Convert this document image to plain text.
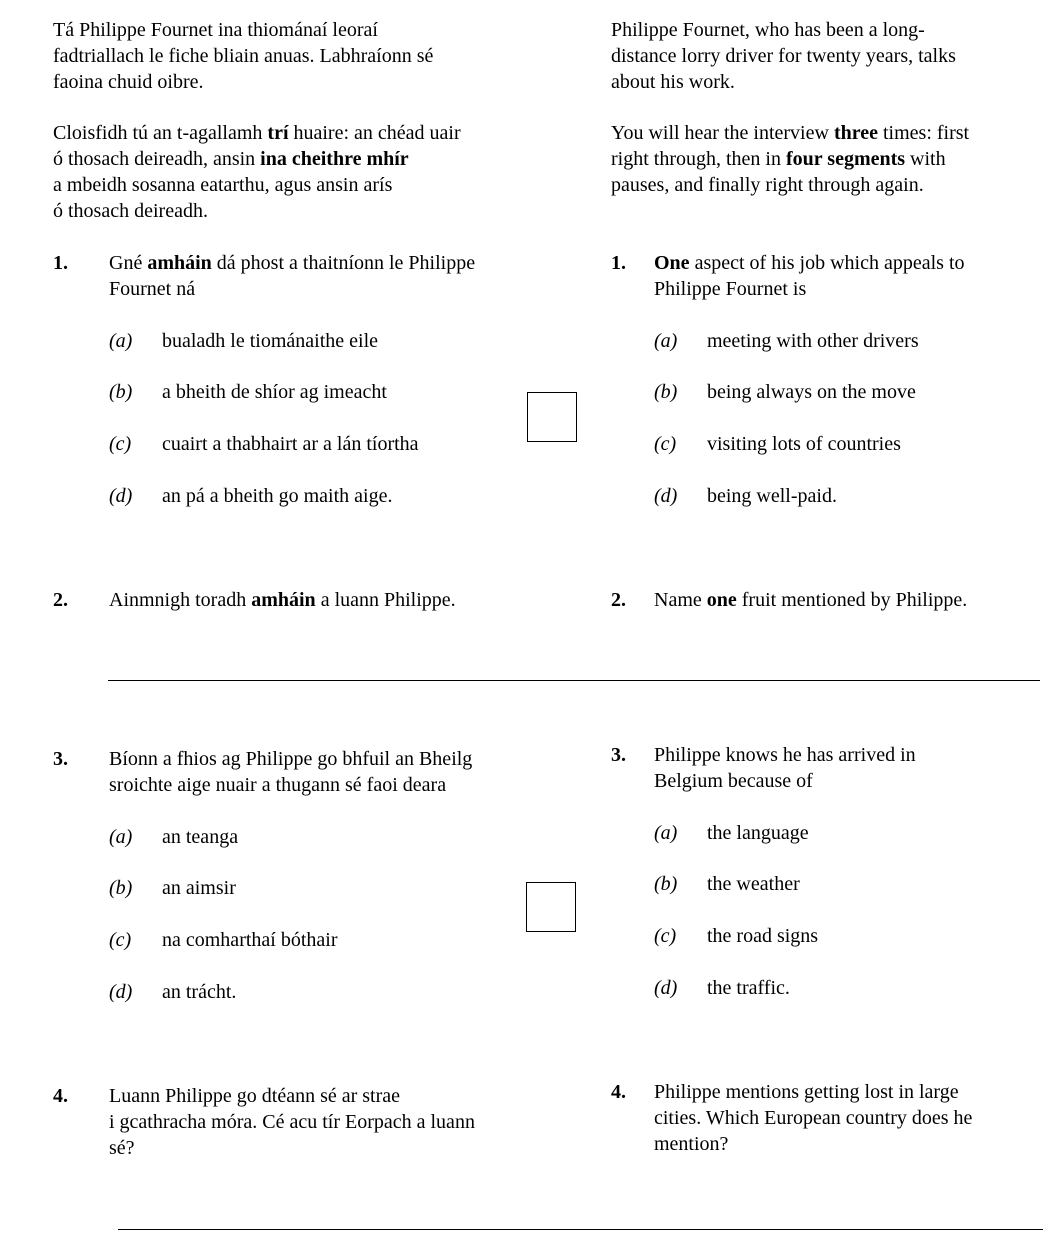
Tá Philippe Fournet ina thiománaí leoraí
fadtriallach le fiche bliain anuas. Labhraíonn sé
faoina chuid oibre.
Philippe Fournet, who has been a long-
distance lorry driver for twenty years, talks
about his work.
Cloisfidh tú an t-agallamh trí huaire: an chéad uair
ó thosach deireadh, ansin ina cheithre mhír
a mbeidh sosanna eatarthu, agus ansin arís
ó thosach deireadh.
You will hear the interview three times: first
right through, then in four segments with
pauses, and finally right through again.
1. Gné amháin dá phost a thaitníonn le Philippe
Fournet ná
1. One aspect of his job which appeals to
Philippe Fournet is
(a) bualadh le tiománaithe eile	(a) meeting with other drivers
(b) a bheith de shíor ag imeacht	(b) being always on the move
(c) cuairt a thabhairt ar a lán tíortha	(c) visiting lots of countries
(d) an pá a bheith go maith aige.	(d) being well-paid.
2. Ainmnigh toradh amháin a luann Philippe.	2. Name one fruit mentioned by Philippe.
3. Bíonn a fhios ag Philippe go bhfuil an Bheilg
sroichte aige nuair a thugann sé faoi deara
3. Philippe knows he has arrived in
Belgium because of
(a) an teanga	(a) the language
(b) an aimsir	(b) the weather
(c) na comharthaí bóthair	(c) the road signs
(d) an trácht.	(d) the traffic.
4. Luann Philippe go dtéann sé ar strae
i gcathracha móra. Cé acu tír Eorpach a luann
sé?
4. Philippe mentions getting lost in large
cities. Which European country does he
mention?
